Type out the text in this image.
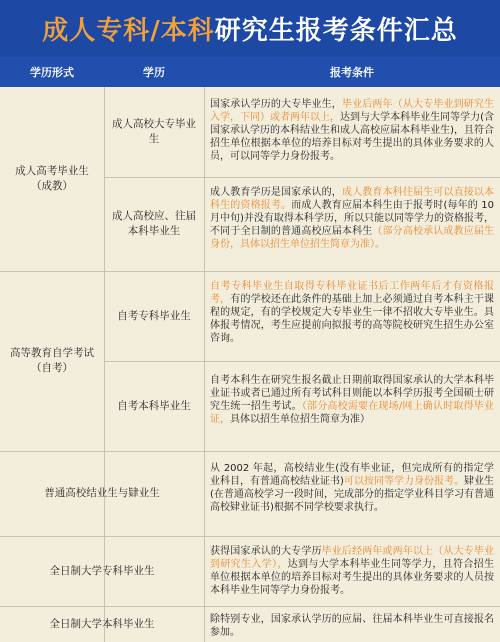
成人专科/本科 研究生报考条件汇总
学历形式	学历	报考条件
成人高考毕业生
（成教）
高等教育自学考试
（自考）
普通高校结业生与肄业生
全日制大学专科毕业生
全日制大学本科毕业生
成人高校大专毕业生
成人高校应、往届本科毕业生
自考专科毕业生
自考本科毕业生
国家承认学历的大专毕业生，毕业后两年（从大专毕业到研究生入学，下同）或者两年以上，达到与大学本科毕业生同等学力(含国家承认学历的本科结业生和成人高校应届本科毕业生)，且符合招生单位根据本单位的培养目标对考生提出的具体业务要求的人员，可以同等学力身份报考。
成人教育学历是国家承认的，成人教育本科往届生可以直接以本科生的资格报考。而成人教育应届本科生由于报考时(每年的 10 月中旬)并没有取得本科学历，所以只能以同等学力的资格报考，不同于全日制的普通高校应届本科生（部分高校承认成教应届生身份，具体以招生单位招生简章为准）。
自考专科毕业生自取得专科毕业证书后工作两年后才有资格报考，有的学校还在此条件的基础上加上必须通过自考本科主干课程的规定，有的学校规定大专毕业生一律不招收大专毕业生。具体报考情况，考生应提前向拟报考的高等院校研究生招生办公室咨询。
自考本科生在研究生报名截止日期前取得国家承认的大学本科毕业证书或者已通过所有考试科目则能以本科学历报考全国硕士研究生统一招生考试。（部分高校需要在现场/网上确认时取得毕业证，具体以招生单位招生简章为准）
从 2002 年起，高校结业生(没有毕业证，但完成所有的指定学业科目，有普通高校结业证书)可以按同等学力身份报考。肄业生(在普通高校学习一段时间，完成部分的指定学业科目学习有普通高校肄业证书)根据不同学校要求执行。
获得国家承认的大专学历毕业后经两年或两年以上（从大专毕业到研究生入学），达到与大学本科毕业生同等学力，且符合招生单位根据本单位的培养目标对考生提出的具体业务要求的人员按本科毕业生同等学力身份报考。
除特别专业，国家承认学历的应届、往届本科毕业生可直接报名参加。
